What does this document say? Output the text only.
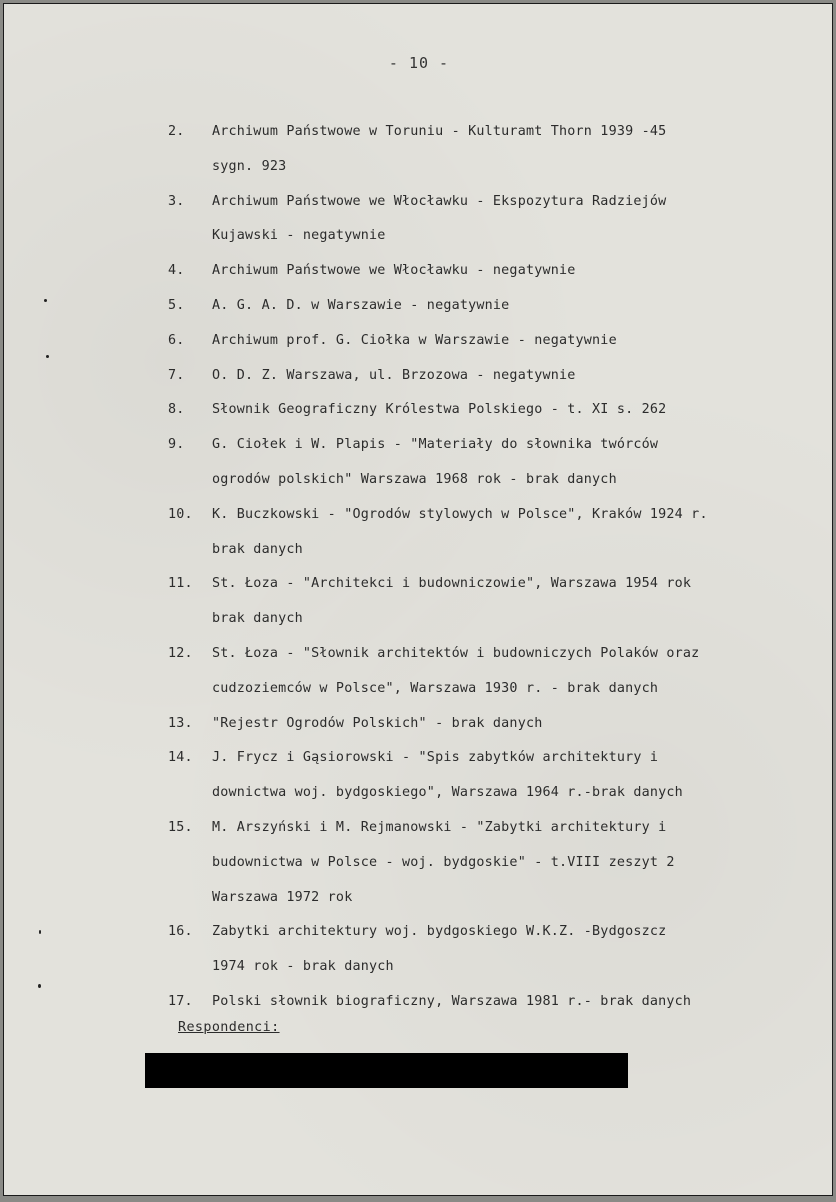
- 10 -
2.	Archiwum Państwowe w Toruniu - Kulturamt Thorn 1939 -45
sygn. 923
3.	Archiwum Państwowe we Włocławku - Ekspozytura Radziejów
Kujawski - negatywnie
4.	Archiwum Państwowe we Włocławku - negatywnie
5.	A. G. A. D. w Warszawie - negatywnie
6.	Archiwum prof. G. Ciołka w Warszawie - negatywnie
7.	O. D. Z. Warszawa, ul. Brzozowa - negatywnie
8.	Słownik Geograficzny Królestwa Polskiego - t. XI s. 262
9.	G. Ciołek i W. Plapis - "Materiały do słownika twórców
ogrodów polskich" Warszawa 1968 rok - brak danych
10.	K. Buczkowski - "Ogrodów stylowych w Polsce", Kraków 1924 r.
brak danych
11.	St. Łoza - "Architekci i budowniczowie", Warszawa 1954 rok
brak danych
12.	St. Łoza - "Słownik architektów i budowniczych Polaków oraz
cudzoziemców w Polsce", Warszawa 1930 r. - brak danych
13.	"Rejestr Ogrodów Polskich" - brak danych
14.	J. Frycz i Gąsiorowski - "Spis zabytków architektury i
downictwa woj. bydgoskiego", Warszawa 1964 r.-brak danych
15.	M. Arszyński i M. Rejmanowski - "Zabytki architektury i
budownictwa w Polsce - woj. bydgoskie" - t.VIII zeszyt 2
Warszawa 1972 rok
16.	Zabytki architektury woj. bydgoskiego W.K.Z. -Bydgoszcz
1974 rok - brak danych
17.	Polski słownik biograficzny, Warszawa 1981 r.- brak danych
Respondenci:
